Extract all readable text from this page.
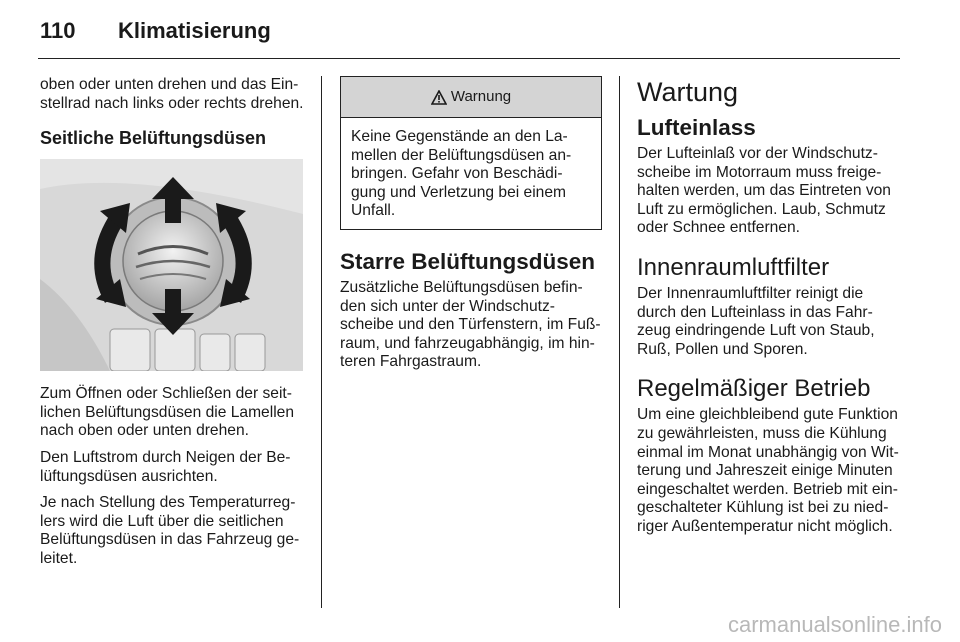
110 Klimatisierung

oben oder unten drehen und das Ein-stellrad nach links oder rechts drehen.

Seitliche Belüftungsdüsen

Zum Öffnen oder Schließen der seit-lichen Belüftungsdüsen die Lamellen nach oben oder unten drehen.

Den Luftstrom durch Neigen der Be-lüftungsdüsen ausrichten.

Je nach Stellung des Temperaturreg-lers wird die Luft über die seitlichen Belüftungsdüsen in das Fahrzeug ge-leitet.

Warnung

Keine Gegenstände an den La-mellen der Belüftungsdüsen an-bringen. Gefahr von Beschädi-gung und Verletzung bei einem Unfall.

Starre Belüftungsdüsen

Zusätzliche Belüftungsdüsen befin-den sich unter der Windschutz-scheibe und den Türfenstern, im Fuß-raum, und fahrzeugabhängig, im hin-teren Fahrgastraum.

Wartung
Lufteinlass

Der Lufteinlaß vor der Windschutz-scheibe im Motorraum muss freige-halten werden, um das Eintreten von Luft zu ermöglichen. Laub, Schmutz oder Schnee entfernen.

Innenraumluftfilter

Der Innenraumluftfilter reinigt die durch den Lufteinlass in das Fahr-zeug eindringende Luft von Staub, Ruß, Pollen und Sporen.

Regelmäßiger Betrieb

Um eine gleichbleibend gute Funktion zu gewährleisten, muss die Kühlung einmal im Monat unabhängig von Wit-terung und Jahreszeit einige Minuten eingeschaltet werden. Betrieb mit ein-geschalteter Kühlung ist bei zu nied-riger Außentemperatur nicht möglich.

carmanualsonline.info
